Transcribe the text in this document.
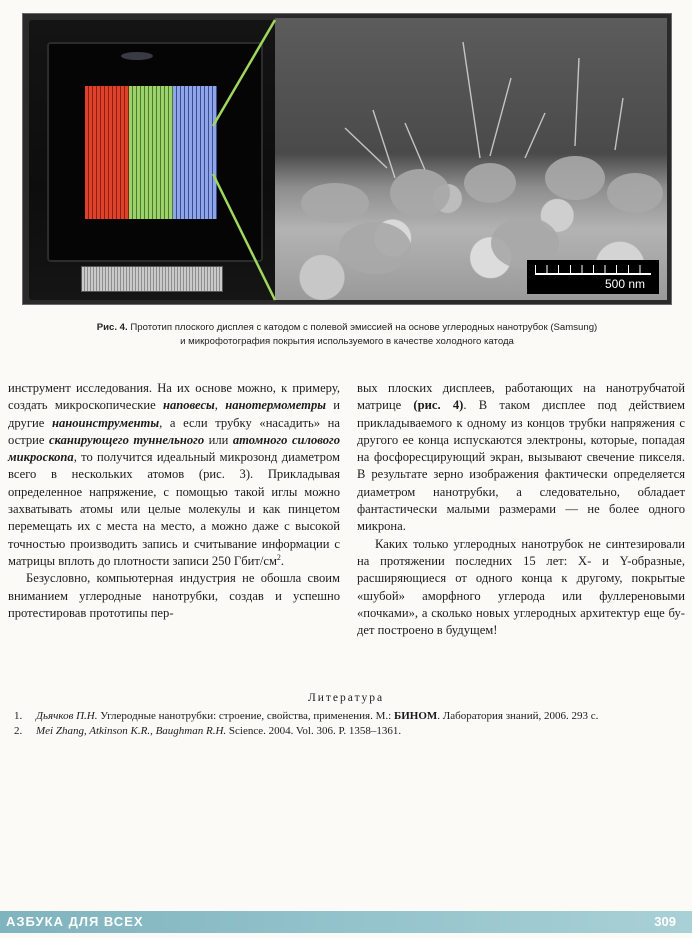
500 nm
Рис. 4. Прототип плоского дисплея с катодом с полевой эмиссией на основе углеродных нанотрубок (Samsung)
и микрофотография покрытия используемого в качестве холодного катода

инструмент исследования. На их основе можно, к примеру, создать микроскопические наповесы, нанотермометры и другие наноинструменты, а если трубку «насадить» на острие сканирующего туннельного или атомного силового микроскопа, то получится идеальный микрозонд диаметром всего в нескольких атомов (рис. 3). Прикладывая определенное напряжение, с помощью такой иглы можно захватывать атомы или целые молекулы и как пинцетом перемещать их с места на место, а можно даже с высокой точностью производить запись и считывание информации с матрицы вплоть до плотности записи 250 Гбит/$см^2$.

Безусловно, компьютерная индустрия не обошла своим вниманием углеродные нанотрубки, создав и успешно протестировав прототипы пер-

вых плоских дисплеев, работающих на нанотрубчатой матрице (рис. 4). В таком дисплее под действием прикладываемого к одному из концов трубки напряжения с другого ее конца испускаются электроны, которые, попадая на фосфоресцирующий экран, вызывают свечение пикселя. В результате зерно изображения фактически определяется диаметром нанотрубки, а следовательно, обладает фантастически малыми размерами — не более одного микрона.

Каких только углеродных нанотрубок не синтезировали на протяжении последних 15 лет: X- и Y-образные, расширяющиеся от одного конца к другому, покрытые «шубой» аморфного углерода или фуллереновыми «почками», а сколько новых углеродных архитектур еще будет построено в будущем!

Литература
1. Дьячков П.Н. Углеродные нанотрубки: строение, свойства, применения. М.: БИНОМ. Лаборатория знаний, 2006. 293 с.
2. Mei Zhang, Atkinson K.R., Baughman R.H. Science. 2004. Vol. 306. P. 1358–1361.
АЗБУКА ДЛЯ ВСЕХ	309
